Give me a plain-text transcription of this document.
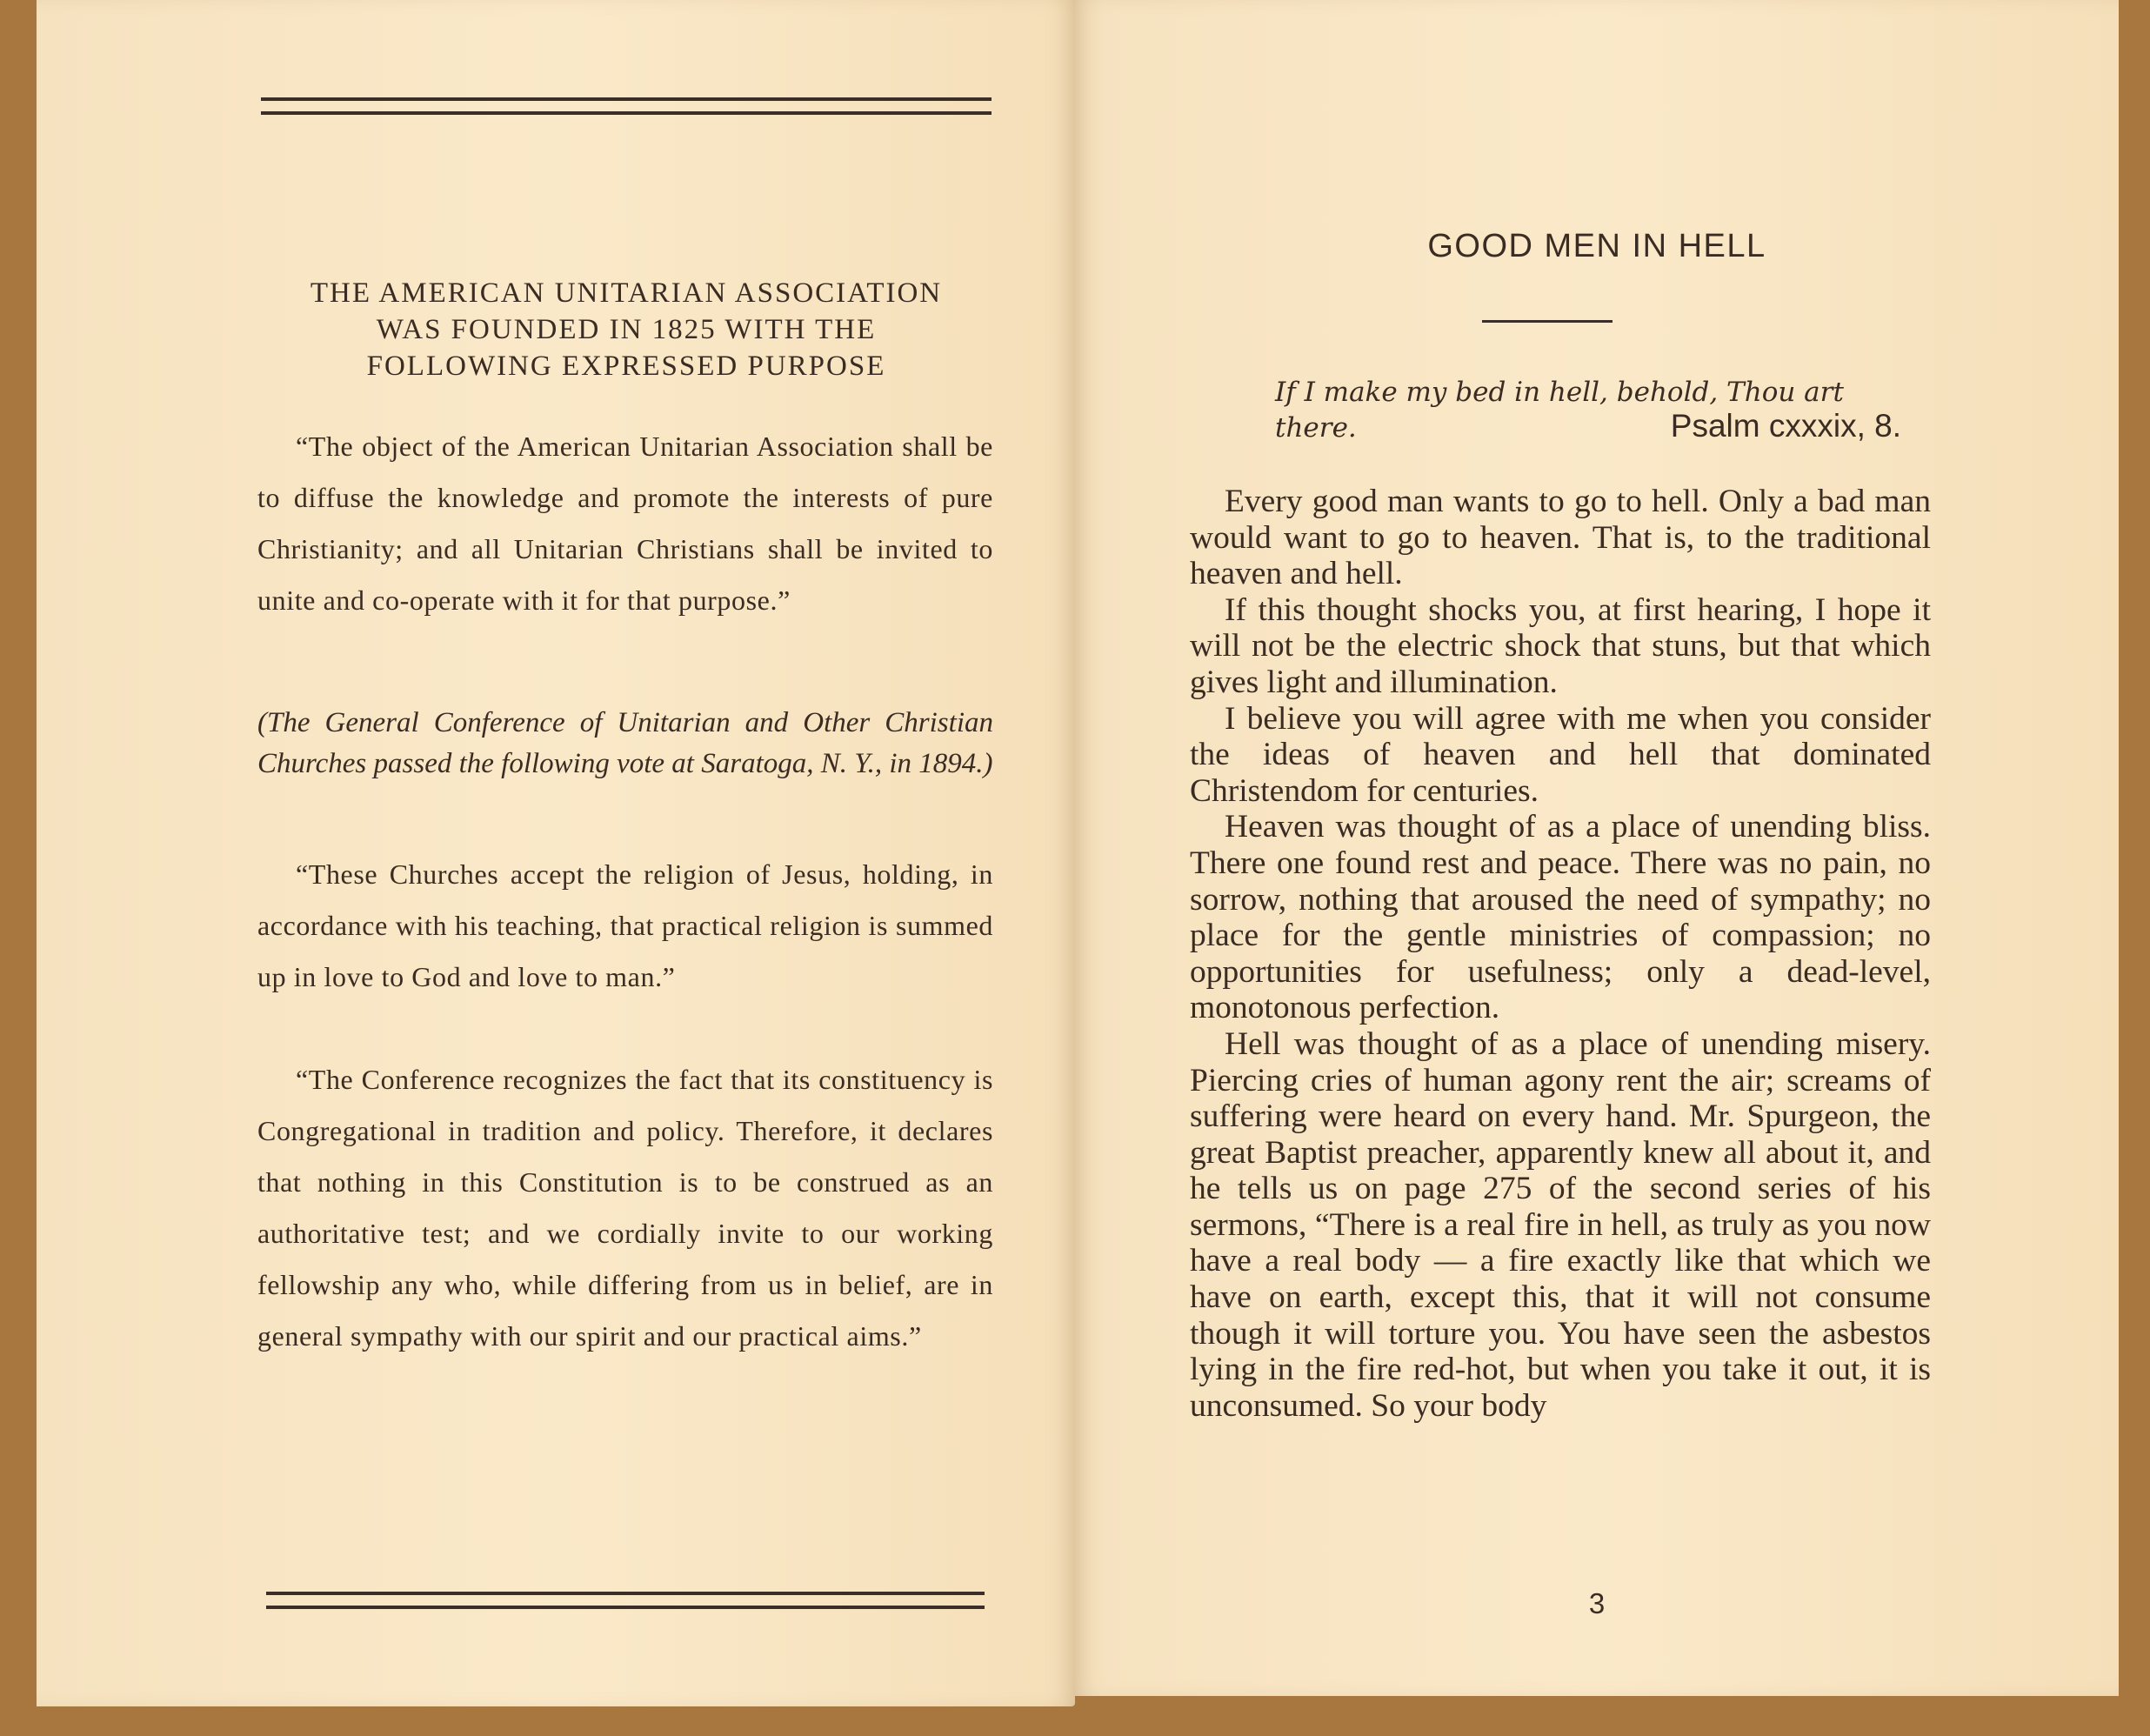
THE AMERICAN UNITARIAN ASSOCIATION
WAS FOUNDED IN 1825 WITH THE
FOLLOWING EXPRESSED PURPOSE
“The object of the American Unitarian Association shall be to diffuse the knowledge and promote the interests of pure Christianity; and all Unitarian Christians shall be invited to unite and co-operate with it for that purpose.”
(The General Conference of Unitarian and Other Christian Churches passed the following vote at Saratoga, N. Y., in 1894.)
“These Churches accept the religion of Jesus, holding, in accordance with his teaching, that practical religion is summed up in love to God and love to man.”
“The Conference recognizes the fact that its constituency is Congregational in tradition and policy. Therefore, it declares that nothing in this Constitution is to be construed as an authoritative test; and we cordially invite to our working fellowship any who, while differing from us in belief, are in general sympathy with our spirit and our practical aims.”
GOOD MEN IN HELL
If I make my bed in hell, behold, Thou art there.	Psalm cxxxix, 8.

Every good man wants to go to hell. Only a bad man would want to go to heaven. That is, to the traditional heaven and hell.

If this thought shocks you, at first hearing, I hope it will not be the electric shock that stuns, but that which gives light and illumination.

I believe you will agree with me when you consider the ideas of heaven and hell that dominated Christendom for centuries.

Heaven was thought of as a place of unending bliss. There one found rest and peace. There was no pain, no sorrow, nothing that aroused the need of sympathy; no place for the gentle ministries of compassion; no opportunities for usefulness; only a dead-level, monotonous perfection.

Hell was thought of as a place of unending misery. Piercing cries of human agony rent the air; screams of suffering were heard on every hand. Mr. Spurgeon, the great Baptist preacher, apparently knew all about it, and he tells us on page 275 of the second series of his sermons, “There is a real fire in hell, as truly as you now have a real body — a fire exactly like that which we have on earth, except this, that it will not consume though it will torture you. You have seen the asbestos lying in the fire red-hot, but when you take it out, it is unconsumed. So your body

3
